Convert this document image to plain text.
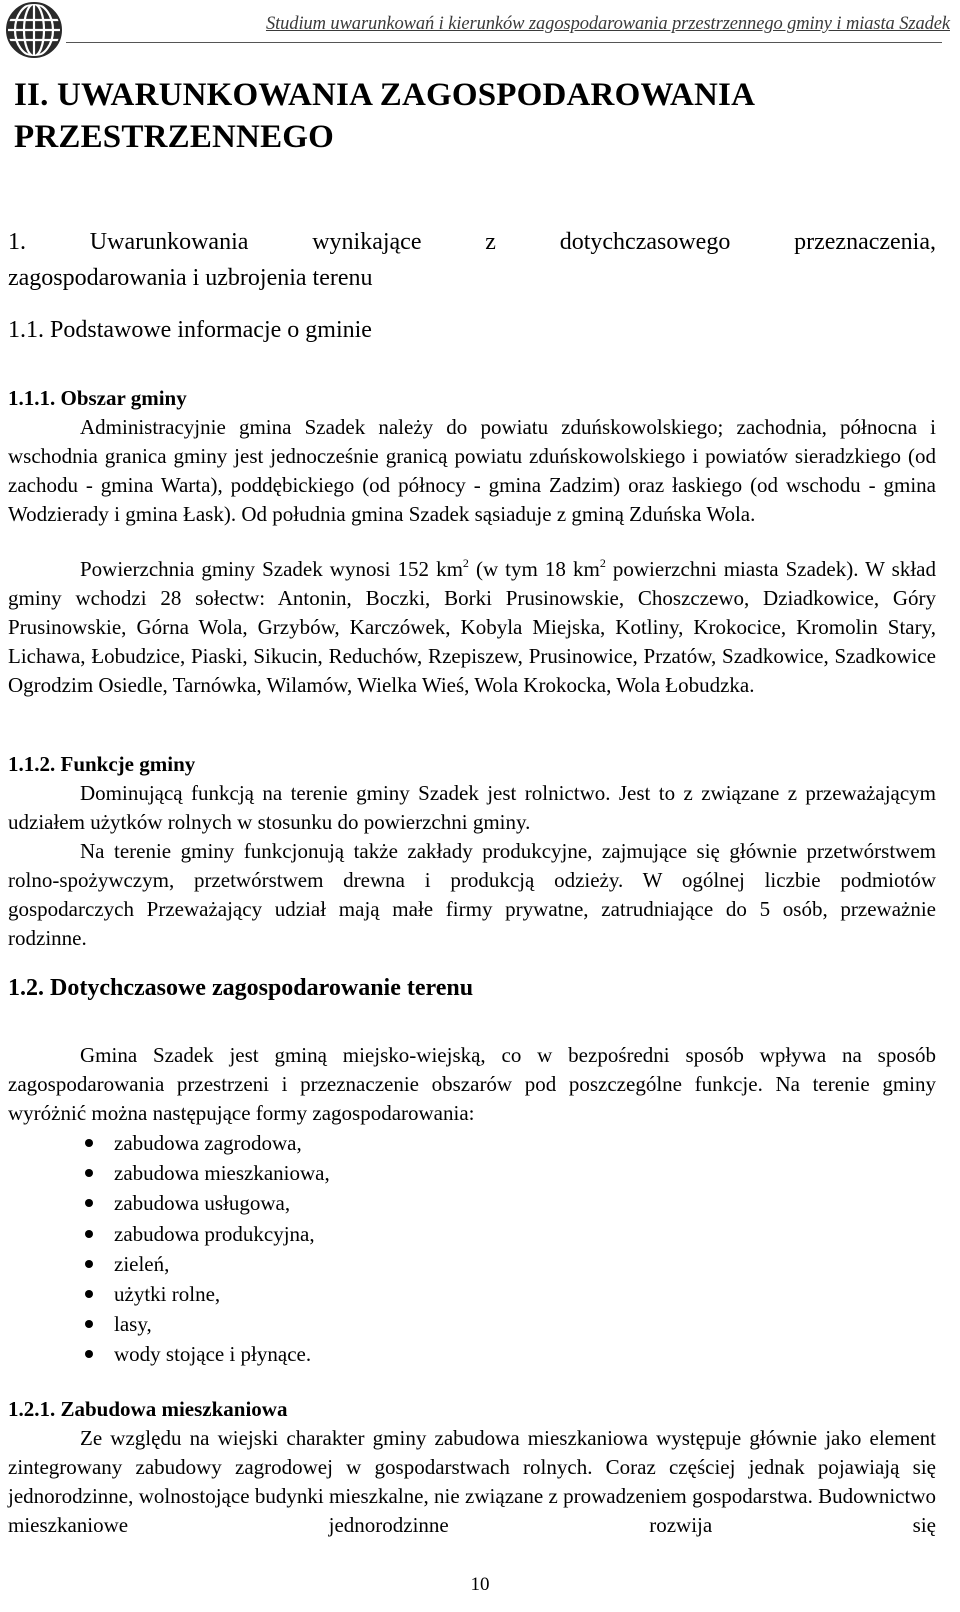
Studium uwarunkowań i kierunków zagospodarowania przestrzennego gminy i miasta Szadek
II. UWARUNKOWANIA ZAGOSPODAROWANIA PRZESTRZENNEGO
1. Uwarunkowania wynikające z dotychczasowego przeznaczenia,
zagospodarowania i uzbrojenia terenu
1.1. Podstawowe informacje o gminie
1.1.1. Obszar gminy
Administracyjnie gmina Szadek należy do powiatu zduńskowolskiego; zachodnia, północna i wschodnia granica gminy jest jednocześnie granicą powiatu zduńskowolskiego i powiatów sieradzkiego (od zachodu - gmina Warta), poddębickiego (od północy - gmina Zadzim) oraz łaskiego (od wschodu - gmina Wodzierady i gmina Łask). Od południa gmina Szadek sąsiaduje z gminą Zduńska Wola.
Powierzchnia gminy Szadek wynosi 152 $km^2$ (w tym 18 $km^2$ powierzchni miasta Szadek). W skład gminy wchodzi 28 sołectw: Antonin, Boczki, Borki Prusinowskie, Choszczewo, Dziadkowice, Góry Prusinowskie, Górna Wola, Grzybów, Karczówek, Kobyla Miejska, Kotliny, Krokocice, Kromolin Stary, Lichawa, Łobudzice, Piaski, Sikucin, Reduchów, Rzepiszew, Prusinowice, Przatów, Szadkowice, Szadkowice Ogrodzim Osiedle, Tarnówka, Wilamów, Wielka Wieś, Wola Krokocka, Wola Łobudzka.
1.1.2. Funkcje gminy
Dominującą funkcją na terenie gminy Szadek jest rolnictwo. Jest to z związane z przeważającym udziałem użytków rolnych w stosunku do powierzchni gminy.
Na terenie gminy funkcjonują także zakłady produkcyjne, zajmujące się głównie przetwórstwem rolno-spożywczym, przetwórstwem drewna i produkcją odzieży. W ogólnej liczbie podmiotów gospodarczych Przeważający udział mają małe firmy prywatne, zatrudniające do 5 osób, przeważnie rodzinne.
1.2. Dotychczasowe zagospodarowanie terenu
Gmina Szadek jest gminą miejsko-wiejską, co w bezpośredni sposób wpływa na sposób zagospodarowania przestrzeni i przeznaczenie obszarów pod poszczególne funkcje. Na terenie gminy wyróżnić można następujące formy zagospodarowania:
zabudowa zagrodowa,
zabudowa mieszkaniowa,
zabudowa usługowa,
zabudowa produkcyjna,
zieleń,
użytki rolne,
lasy,
wody stojące i płynące.
1.2.1. Zabudowa mieszkaniowa
Ze względu na wiejski charakter gminy zabudowa mieszkaniowa występuje głównie jako element zintegrowany zabudowy zagrodowej w gospodarstwach rolnych. Coraz częściej jednak pojawiają się jednorodzinne, wolnostojące budynki mieszkalne, nie związane z prowadzeniem gospodarstwa. Budownictwo mieszkaniowe jednorodzinne rozwija się
10
